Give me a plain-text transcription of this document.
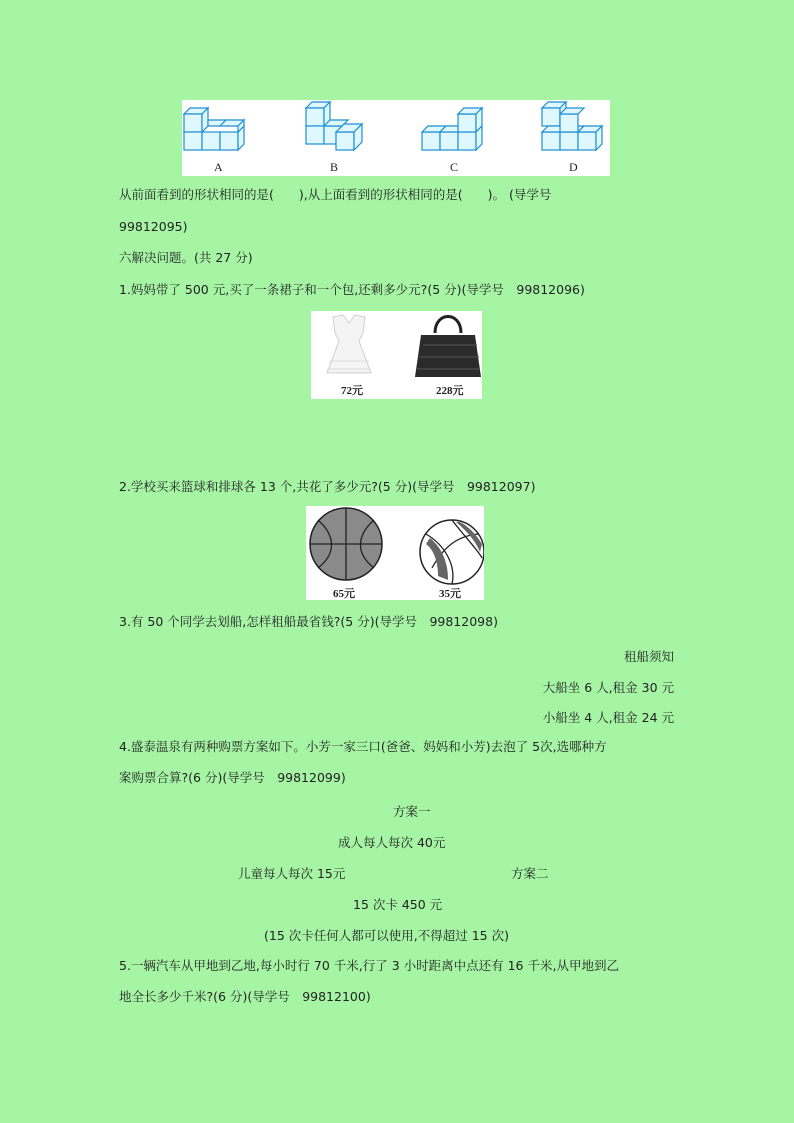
A	B	C	D
从前面看到的形状相同的是(　　),从上面看到的形状相同的是(　　)。 (导学号
99812095)
六解决问题。(共 27 分)
1.妈妈带了 500 元,买了一条裙子和一个包,还剩多少元?(5 分)(导学号　99812096)
72元	228元
2.学校买来篮球和排球各 13 个,共花了多少元?(5 分)(导学号　99812097)
65元	35元
3.有 50 个同学去划船,怎样租船最省钱?(5 分)(导学号　99812098)
租船须知
大船坐 6 人,租金 30 元
小船坐 4 人,租金 24 元
4.盛泰温泉有两种购票方案如下。小芳一家三口(爸爸、妈妈和小芳)去泡了 5次,选哪种方
案购票合算?(6 分)(导学号　99812099)
方案一
成人每人每次 40元
儿童每人每次 15元	方案二
15 次卡 450 元
(15 次卡任何人都可以使用,不得超过 15 次)
5.一辆汽车从甲地到乙地,每小时行 70 千米,行了 3 小时距离中点还有 16 千米,从甲地到乙
地全长多少千米?(6 分)(导学号　99812100)
